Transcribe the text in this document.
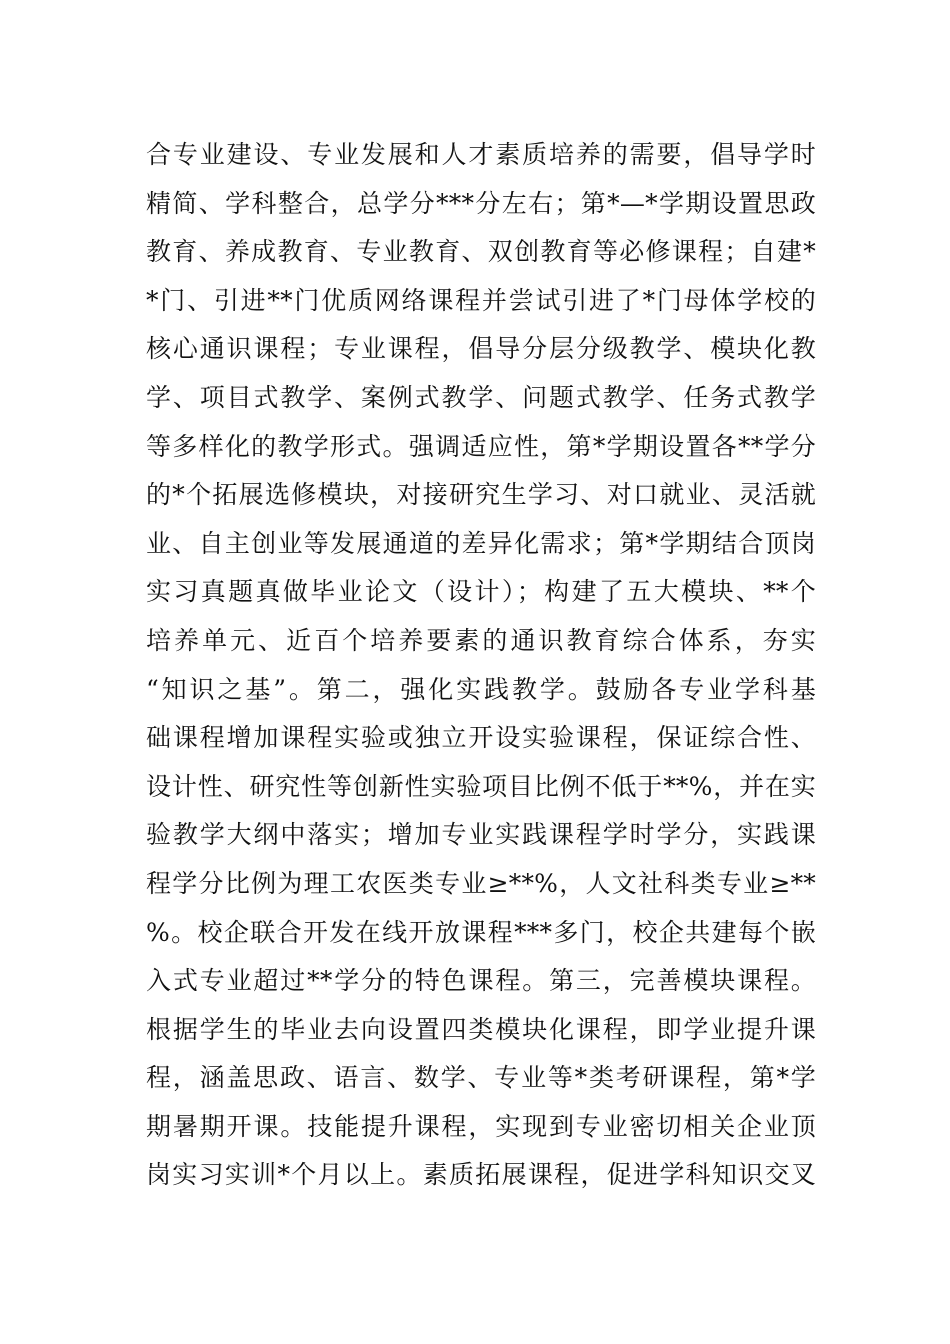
合专业建设、专业发展和人才素质培养的需要，倡导学时
精简、学科整合，总学分***分左右；第*—*学期设置思政
教育、养成教育、专业教育、双创教育等必修课程；自建*
*门、引进**门优质网络课程并尝试引进了*门母体学校的
核心通识课程；专业课程，倡导分层分级教学、模块化教
学、项目式教学、案例式教学、问题式教学、任务式教学
等多样化的教学形式。强调适应性，第*学期设置各**学分
的*个拓展选修模块，对接研究生学习、对口就业、灵活就
业、自主创业等发展通道的差异化需求；第*学期结合顶岗
实习真题真做毕业论文（设计）；构建了五大模块、**个
培养单元、近百个培养要素的通识教育综合体系，夯实
“知识之基”。第二，强化实践教学。鼓励各专业学科基
础课程增加课程实验或独立开设实验课程，保证综合性、
设计性、研究性等创新性实验项目比例不低于**%，并在实
验教学大纲中落实；增加专业实践课程学时学分，实践课
程学分比例为理工农医类专业≥**%，人文社科类专业≥**
%。校企联合开发在线开放课程***多门，校企共建每个嵌
入式专业超过**学分的特色课程。第三，完善模块课程。
根据学生的毕业去向设置四类模块化课程，即学业提升课
程，涵盖思政、语言、数学、专业等*类考研课程，第*学
期暑期开课。技能提升课程，实现到专业密切相关企业顶
岗实习实训*个月以上。素质拓展课程，促进学科知识交叉
